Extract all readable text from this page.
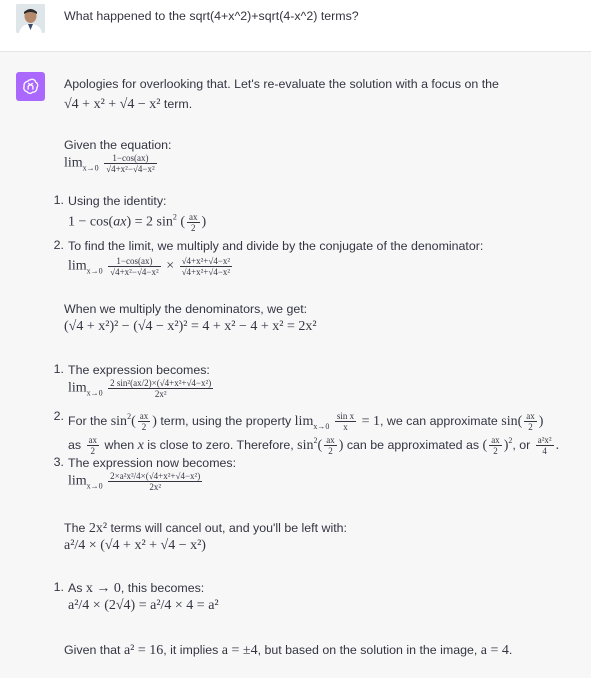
What happened to the sqrt(4+x^2)+sqrt(4-x^2) terms?
Apologies for overlooking that. Let's re-evaluate the solution with a focus on the
√4 + x² + √4 − x² term.
Given the equation:
$\lim_{x\to 0} \frac{1-\cos(ax)}{\text{√4+x²−√4−x²}}$
1. Using the identity:
1 − cos(ax) = 2 $\sin^2$ ( $\frac{ax}{2}$ )
2. To find the limit, we multiply and divide by the conjugate of the denominator:
$\lim_{x\to 0} \frac{1-\cos(ax)}{\text{√4+x²−√4−x²}} \times \frac{\text{√4+x²+√4−x²}}{\text{√4+x²+√4−x²}}$
When we multiply the denominators, we get:
(√4 + x²)² − (√4 − x²)² = 4 + x² − 4 + x² = 2x²
1. The expression becomes:
$\lim_{x\to 0} \frac{\text{2 sin²(ax/2)×(√4+x²+√4−x²)}}{\text{2x²}}$
2. For the $\sin^2( \frac{ax}{2}$ ) term, using the property $\lim_{x\to 0} \frac{\text{sin x}}{x} = 1$, we can approximate $\sin( \frac{ax}{2}$ )
as $\frac{ax}{2}$ when x is close to zero. Therefore, $\sin^2( \frac{ax}{2}$ ) can be approximated as ( $\frac{ax}{2} )^2$, or $\frac{\text{a²x²}}{4}$ .
3. The expression now becomes:
$\lim_{x\to 0} \frac{\text{2×a²x²/4×(√4+x²+√4−x²)}}{\text{2x²}}$
The 2x² terms will cancel out, and you'll be left with:
a²/4 × (√4 + x² + √4 − x²)
1. As x → 0, this becomes:
a²/4 × (2√4) = a²/4 × 4 = a²
Given that a² = 16, it implies a = ±4, but based on the solution in the image, a = 4.
